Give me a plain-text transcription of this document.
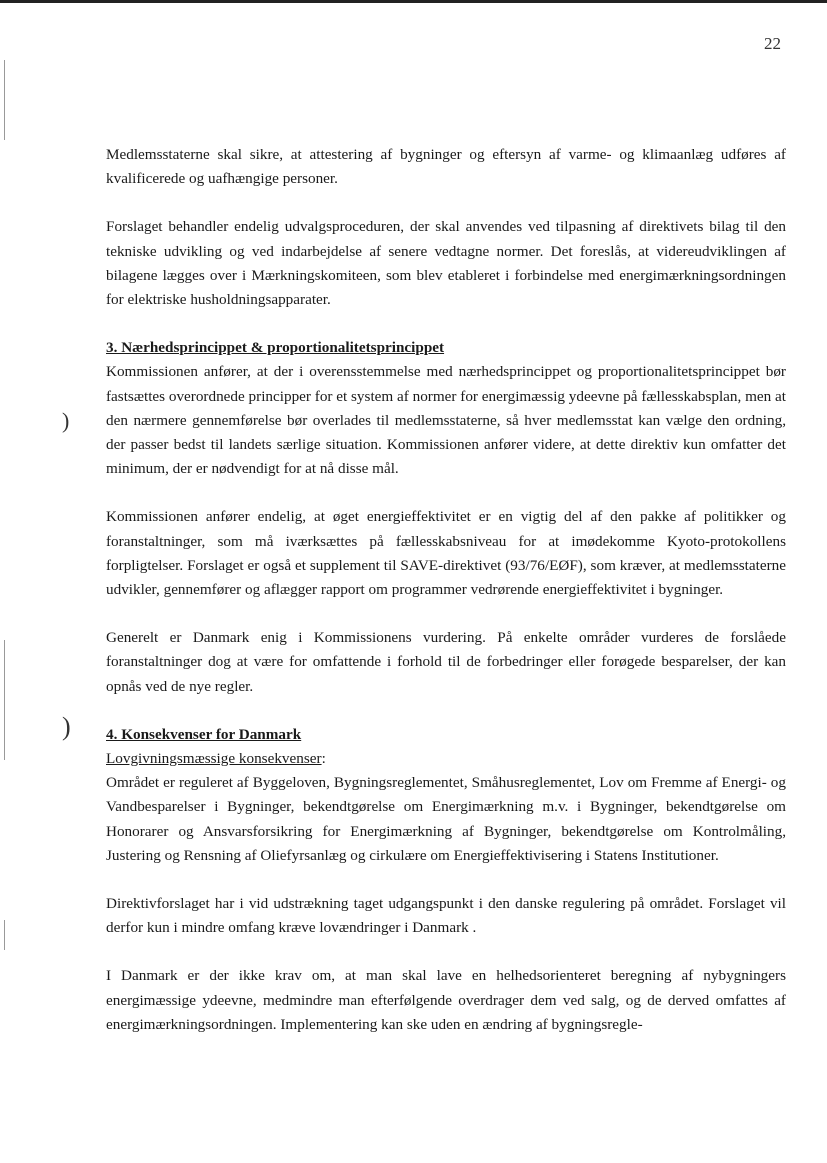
)
)
22

Medlemsstaterne skal sikre, at attestering af bygninger og eftersyn af varme- og klimaanlæg udføres af kvalificerede og uafhængige personer.

Forslaget behandler endelig udvalgsproceduren, der skal anvendes ved tilpasning af direktivets bilag til den tekniske udvikling og ved indarbejdelse af senere vedtagne normer. Det foreslås, at videreudviklingen af bilagene lægges over i Mærkningskomiteen, som blev etableret i forbindelse med energimærkningsordningen for elektriske husholdningsapparater.

3. Nærhedsprincippet & proportionalitetsprincippet

Kommissionen anfører, at der i overensstemmelse med nærhedsprincippet og proportionalitetsprincippet bør fastsættes overordnede principper for et system af normer for energimæssig ydeevne på fællesskabsplan, men at den nærmere gennemførelse bør overlades til medlemsstaterne, så hver medlemsstat kan vælge den ordning, der passer bedst til landets særlige situation. Kommissionen anfører videre, at dette direktiv kun omfatter det minimum, der er nødvendigt for at nå disse mål.

Kommissionen anfører endelig, at øget energieffektivitet er en vigtig del af den pakke af politikker og foranstaltninger, som må iværksættes på fællesskabsniveau for at imødekomme Kyoto-protokollens forpligtelser. Forslaget er også et supplement til SAVE-direktivet (93/76/EØF), som kræver, at medlemsstaterne udvikler, gennemfører og aflægger rapport om programmer vedrørende energieffektivitet i bygninger.

Generelt er Danmark enig i Kommissionens vurdering. På enkelte områder vurderes de forslåede foranstaltninger dog at være for omfattende i forhold til de forbedringer eller forøgede besparelser, der kan opnås ved de nye regler.

4. Konsekvenser for Danmark

Lovgivningsmæssige konsekvenser:

Området er reguleret af Byggeloven, Bygningsreglementet, Småhusreglementet, Lov om Fremme af Energi- og Vandbesparelser i Bygninger, bekendtgørelse om Energimærkning m.v. i Bygninger, bekendtgørelse om Honorarer og Ansvarsforsikring for Energimærkning af Bygninger, bekendtgørelse om Kontrolmåling, Justering og Rensning af Oliefyrsanlæg og cirkulære om Energieffektivisering i Statens Institutioner.

Direktivforslaget har i vid udstrækning taget udgangspunkt i den danske regulering på området. Forslaget vil derfor kun i mindre omfang kræve lovændringer i Danmark .

I Danmark er der ikke krav om, at man skal lave en helhedsorienteret beregning af nybygningers energimæssige ydeevne, medmindre man efterfølgende overdrager dem ved salg, og de derved omfattes af energimærkningsordningen. Implementering kan ske uden en ændring af bygningsregle-
